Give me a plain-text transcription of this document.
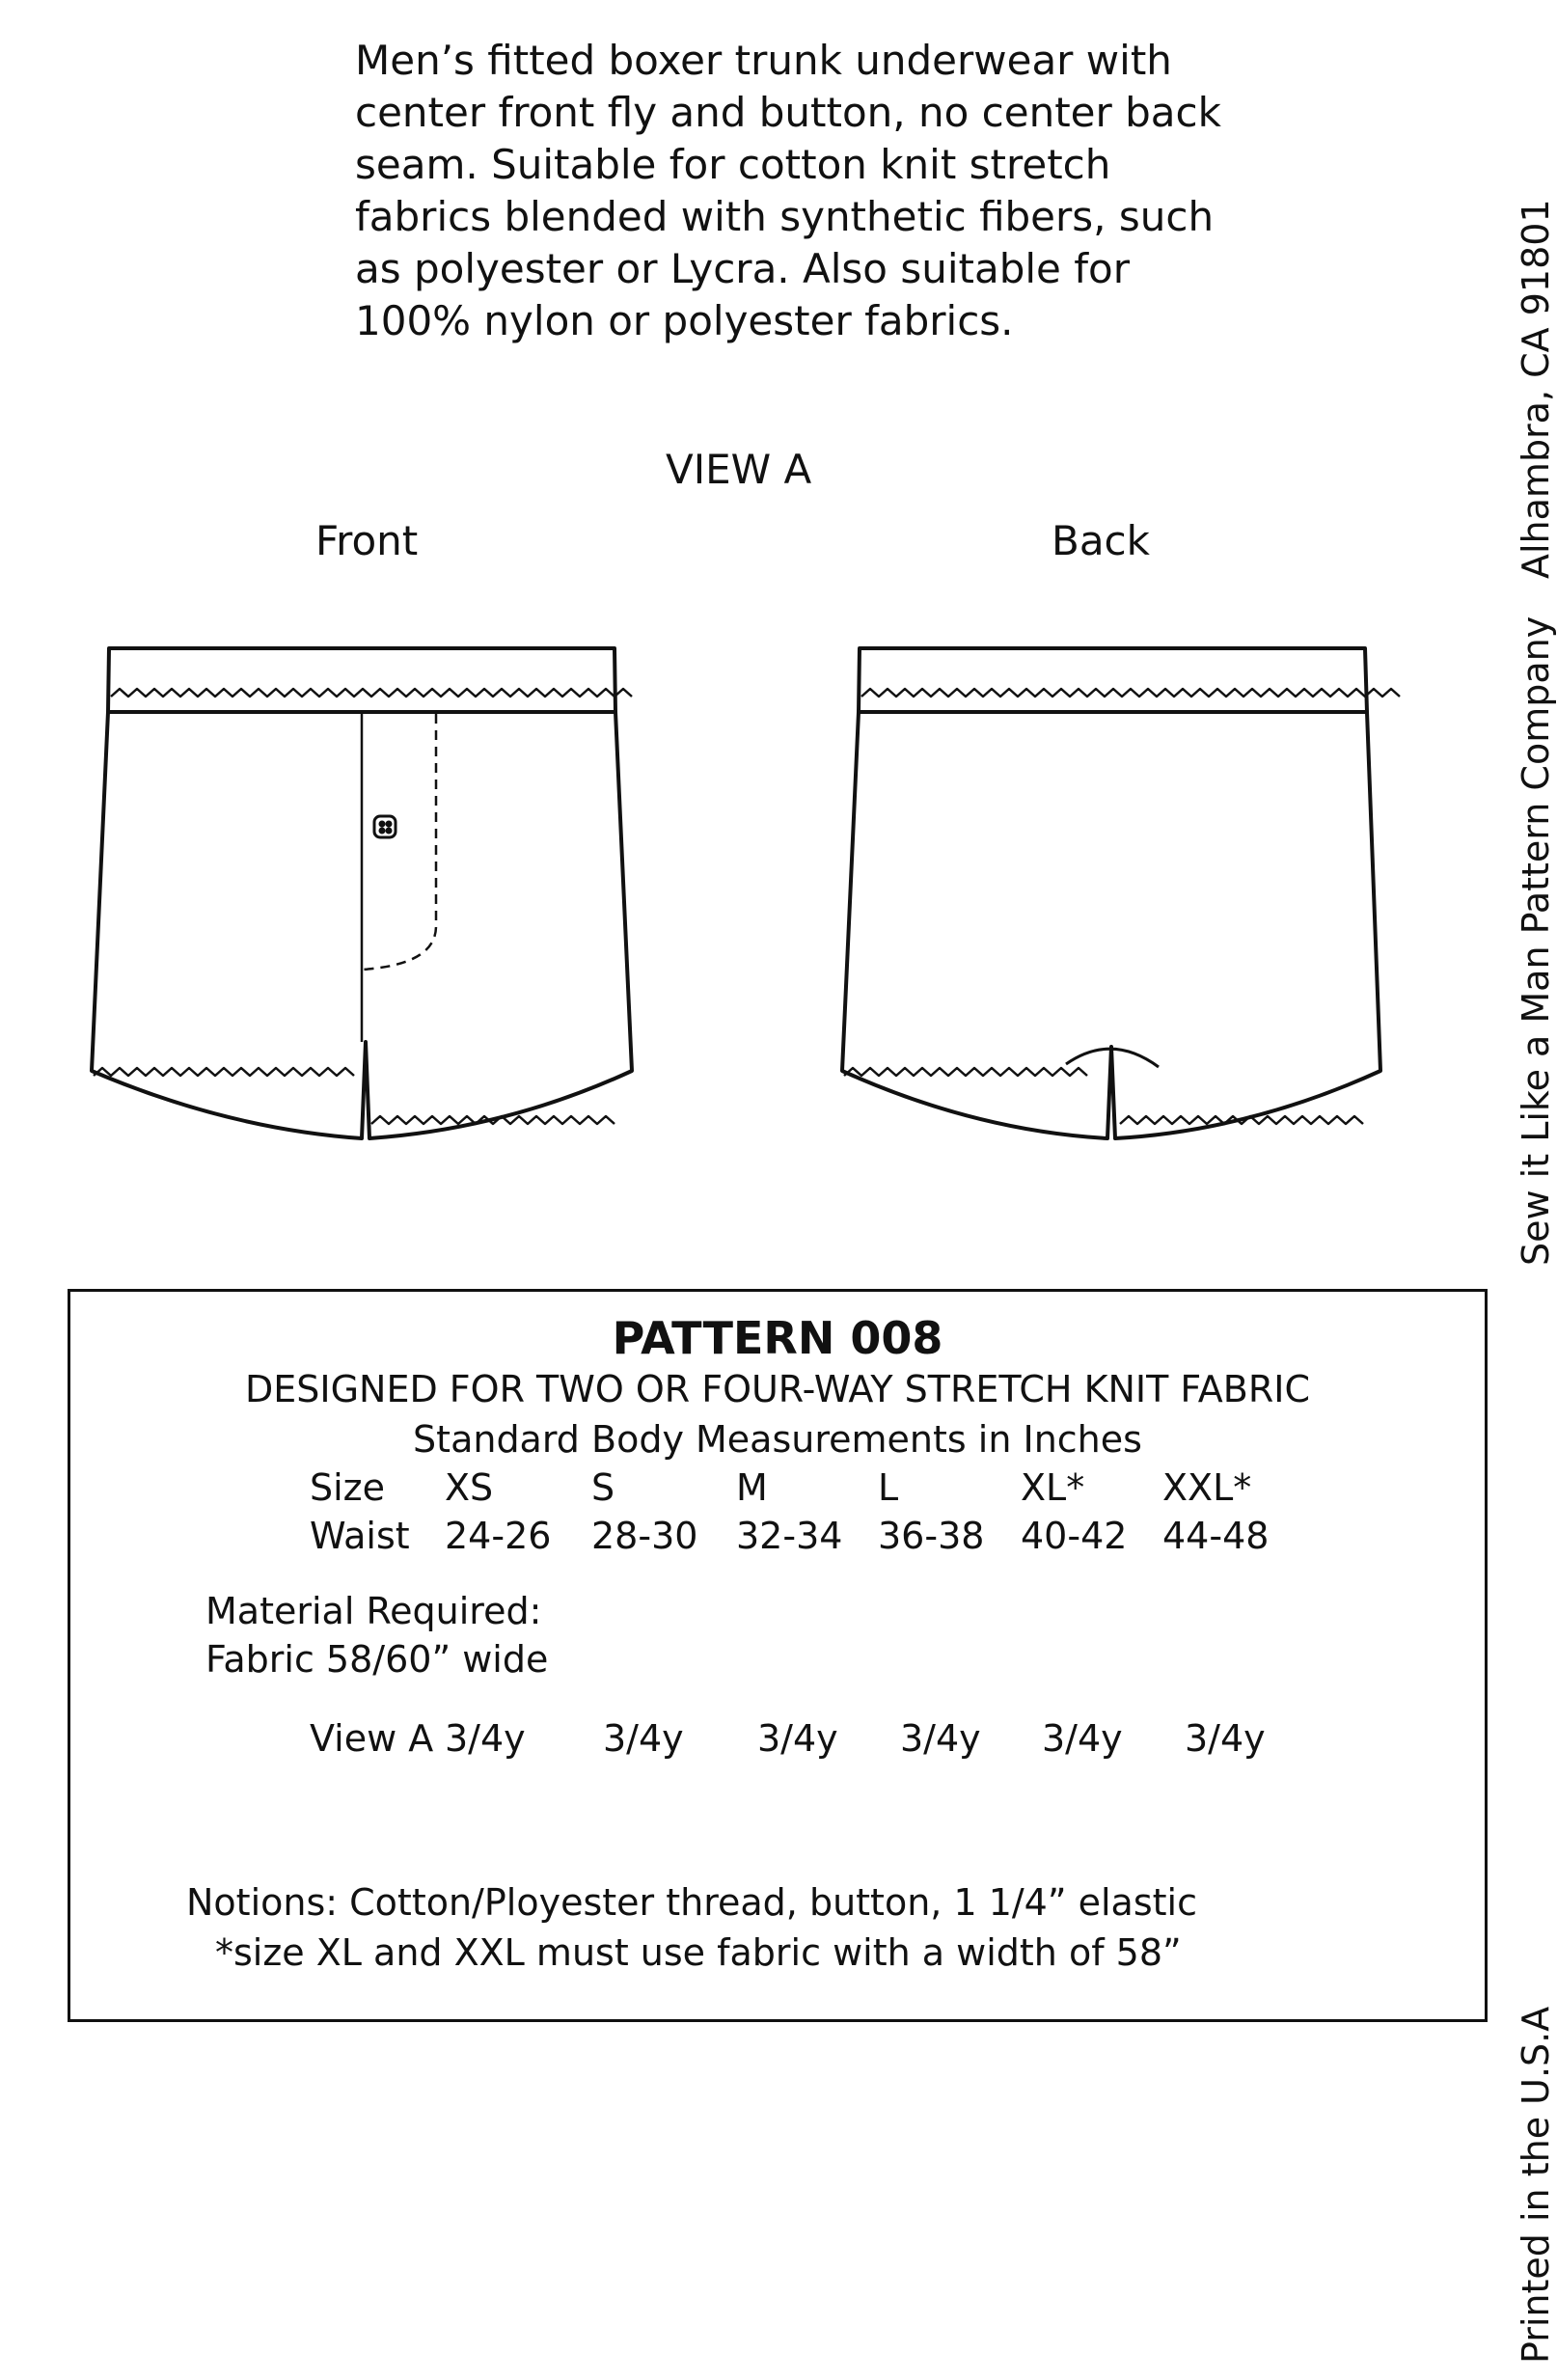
Men’s fitted boxer trunk underwear with center front fly and button, no center back seam. Suitable for cotton knit stretch fabrics blended with synthetic fibers, such as polyester or Lycra. Also suitable for 100% nylon or polyester fabrics.

VIEW A
Front	Back	Alhambra, CA 91801
Sew it Like a Man Pattern Company
Printed in the U.S.A
PATTERN 008
DESIGNED FOR TWO OR FOUR-WAY STRETCH KNIT FABRIC
Standard Body Measurements in Inches
Size XS	S	M	L	XL* XXL*
Waist 24-26 28-30 32-34 36-38 40-42 44-48
Material Required:
Fabric 58/60” wide
View A 3/4y 3/4y 3/4y 3/4y 3/4y 3/4y
Notions: Cotton/Ployester thread, button, 1 1/4” elastic
*size XL and XXL must use fabric with a width of 58”
